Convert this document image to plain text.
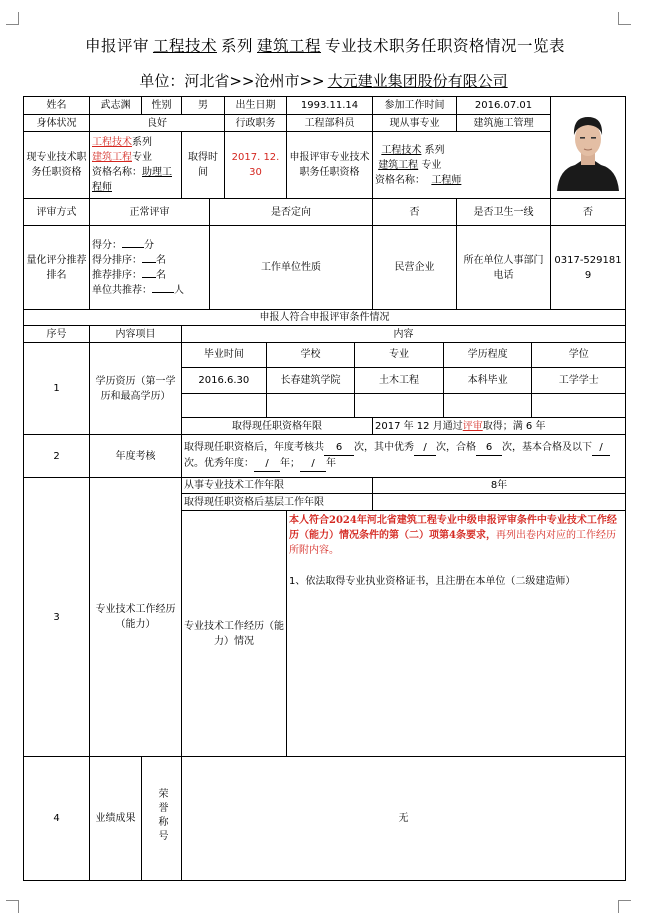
申报评审 工程技术 系列 建筑工程 专业技术职务任职资格情况一览表
单位：河北省>>沧州市>> 大元建业集团股份有限公司
姓名	武志渊	性别	男	出生日期	1993.11.14	参加工作时间	2016.07.01	

身体状况	良好	行政职务	工程部科员	现从事专业	建筑施工管理
现专业技术职务任职资格	
工程技术系列
建筑工程专业
资格名称：助理工程师
	取得时间	2017. 12. 30	申报评审专业技术职务任职资格	
工程技术 系列
建筑工程 专业
资格名称： 工程师

评审方式	正常评审	是否定向	否	是否卫生一线	否
量化评分推荐排名	
得分： 分
得分排序： 名
推荐排序： 名
单位共推荐： 人
	工作单位性质	民营企业	所在单位人事部门电话	0317-5291819
申报人符合申报评审条件情况
序号	内容项目	内容
1	学历资历（第一学历和最高学历）	
毕业时间	学校	专业	学历程度	学位
2016.6.30	长春建筑学院	土木工程	本科毕业	工学学士

取得现任职资格年限	2017 年 12 月通过评审取得；满 6 年
2	年度考核	取得现任职资格后，年度考核共 6 次，其中优秀 / 次，合格 6 次，基本合格及以下 /次。优秀年度： / 年； / 年
3	专业技术工作经历（能力）	从事专业技术工作年限	8年
取得现任职资格后基层工作年限	
专业技术工作经历（能力）情况	本人符合2024年河北省建筑工程专业中级申报评审条件中专业技术工作经历（能力）情况条件的第（二）项第4条要求，再列出卷内对应的工作经历所附内容。
1、依法取得专业执业资格证书，且注册在本单位（二级建造师）

4	业绩成果	荣誉称号	无
